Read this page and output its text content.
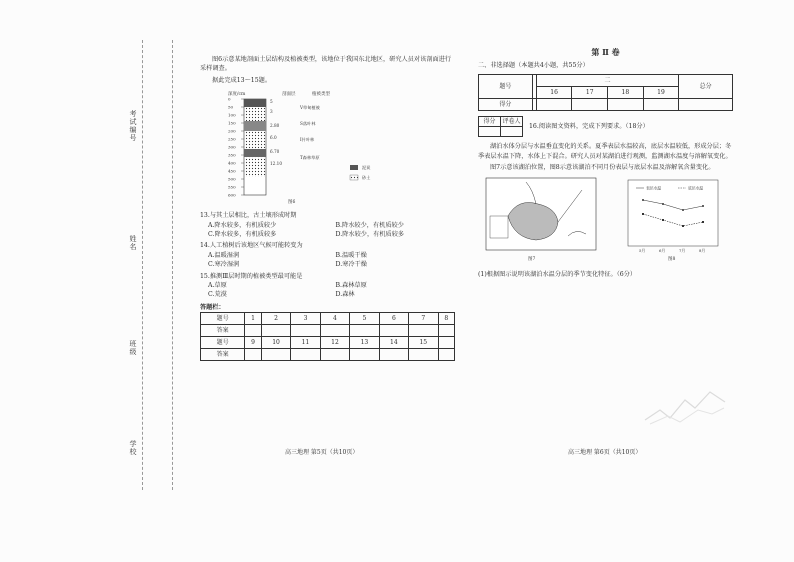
考试编号
姓名
班级
学校

图6示意某地剖面土层结构及植被类型，该地位于我国东北地区，研究人员对该剖面进行采样调查。

据此完成13～15题。

深度/cm	剖面层	植被类型
0
50
100
150
200
250
300
350
400
450
500
550
600
5
3
2.80
6.0
6.70
12.10
V草甸植被
S落叶林
I针叶林
T森林草原
泥炭
砂土
图6

13.与其土层相比，古土壤形成时期

A.降水较多，有机质较少	B.降水较少，有机质较少
C.降水较多，有机质较多	D.降水较少，有机质较多

14.人工植树后该地区气候可能转变为

A.温暖湿润	B.温暖干燥
C.寒冷湿润	D.寒冷干燥

15.推测Ⅲ层时期的植被类型最可能是

A.草原	B.森林草原
C.荒漠	D.森林

答题栏：

题号	1	2	3	4	5	6	7	8
答案								
题号	9	10	11	12	13	14	15	
答案								
高三地理 第5页（共10页）

第 Ⅱ 卷

二、非选择题（本题共4小题，共55分）

题号		二				总分
		16	17	18	19	
得分						
得分	评卷人

16.阅读图文资料，完成下列要求。（18分）

湖泊水体分层与水温垂直变化的关系。夏季表层水温较高，底层水温较低，形成分层；冬季表层水温下降，水体上下混合。研究人员对某湖泊进行观测，监测湖水温度与溶解氧变化。

图7示意该湖泊位置，图8示意该湖泊不同月份表层与底层水温及溶解氧含量变化。

图7
表层水温	底层水温
5月	6月	7月	8月
图8

(1)根据图示说明该湖泊水温分层的季节变化特征。（6分）

高三地理 第6页（共10页）
